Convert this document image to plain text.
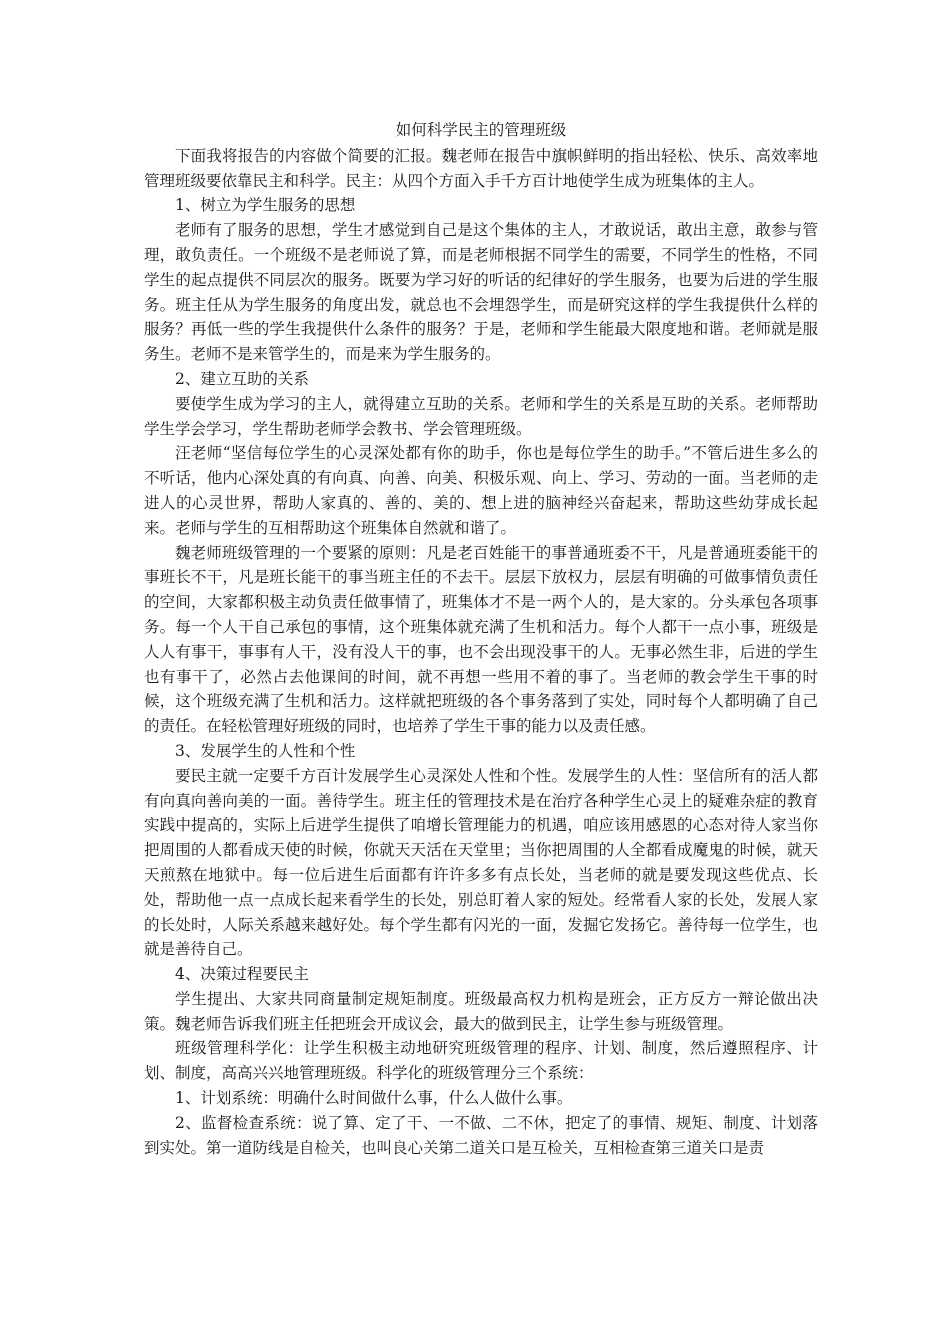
如何科学民主的管理班级

下面我将报告的内容做个简要的汇报。魏老师在报告中旗帜鲜明的指出轻松、快乐、高效率地管理班级要依靠民主和科学。民主：从四个方面入手千方百计地使学生成为班集体的主人。

1、树立为学生服务的思想

老师有了服务的思想，学生才感觉到自己是这个集体的主人，才敢说话，敢出主意，敢参与管理，敢负责任。一个班级不是老师说了算，而是老师根据不同学生的需要，不同学生的性格，不同学生的起点提供不同层次的服务。既要为学习好的听话的纪律好的学生服务，也要为后进的学生服务。班主任从为学生服务的角度出发，就总也不会埋怨学生，而是研究这样的学生我提供什么样的服务？再低一些的学生我提供什么条件的服务？于是，老师和学生能最大限度地和谐。老师就是服务生。老师不是来管学生的，而是来为学生服务的。

2、建立互助的关系

要使学生成为学习的主人，就得建立互助的关系。老师和学生的关系是互助的关系。老师帮助学生学会学习，学生帮助老师学会教书、学会管理班级。

汪老师“坚信每位学生的心灵深处都有你的助手，你也是每位学生的助手。”不管后进生多么的不听话，他内心深处真的有向真、向善、向美、积极乐观、向上、学习、劳动的一面。当老师的走进人的心灵世界，帮助人家真的、善的、美的、想上进的脑神经兴奋起来，帮助这些幼芽成长起来。老师与学生的互相帮助这个班集体自然就和谐了。

魏老师班级管理的一个要紧的原则：凡是老百姓能干的事普通班委不干，凡是普通班委能干的事班长不干，凡是班长能干的事当班主任的不去干。层层下放权力，层层有明确的可做事情负责任的空间，大家都积极主动负责任做事情了，班集体才不是一两个人的，是大家的。分头承包各项事务。每一个人干自己承包的事情，这个班集体就充满了生机和活力。每个人都干一点小事，班级是人人有事干，事事有人干，没有没人干的事，也不会出现没事干的人。无事必然生非，后进的学生也有事干了，必然占去他课间的时间，就不再想一些用不着的事了。当老师的教会学生干事的时候，这个班级充满了生机和活力。这样就把班级的各个事务落到了实处，同时每个人都明确了自己的责任。在轻松管理好班级的同时，也培养了学生干事的能力以及责任感。

3、发展学生的人性和个性

要民主就一定要千方百计发展学生心灵深处人性和个性。发展学生的人性：坚信所有的活人都有向真向善向美的一面。善待学生。班主任的管理技术是在治疗各种学生心灵上的疑难杂症的教育实践中提高的，实际上后进学生提供了咱增长管理能力的机遇，咱应该用感恩的心态对待人家当你把周围的人都看成天使的时候，你就天天活在天堂里；当你把周围的人全都看成魔鬼的时候，就天天煎熬在地狱中。每一位后进生后面都有许许多多有点长处，当老师的就是要发现这些优点、长处，帮助他一点一点成长起来看学生的长处，别总盯着人家的短处。经常看人家的长处，发展人家的长处时，人际关系越来越好处。每个学生都有闪光的一面，发掘它发扬它。善待每一位学生，也就是善待自己。

4、决策过程要民主

学生提出、大家共同商量制定规矩制度。班级最高权力机构是班会，正方反方一辩论做出决策。魏老师告诉我们班主任把班会开成议会，最大的做到民主，让学生参与班级管理。

班级管理科学化：让学生积极主动地研究班级管理的程序、计划、制度，然后遵照程序、计划、制度，高高兴兴地管理班级。科学化的班级管理分三个系统：

1、计划系统：明确什么时间做什么事，什么人做什么事。

2、监督检查系统：说了算、定了干、一不做、二不休，把定了的事情、规矩、制度、计划落到实处。第一道防线是自检关，也叫良心关第二道关口是互检关，互相检查第三道关口是责
